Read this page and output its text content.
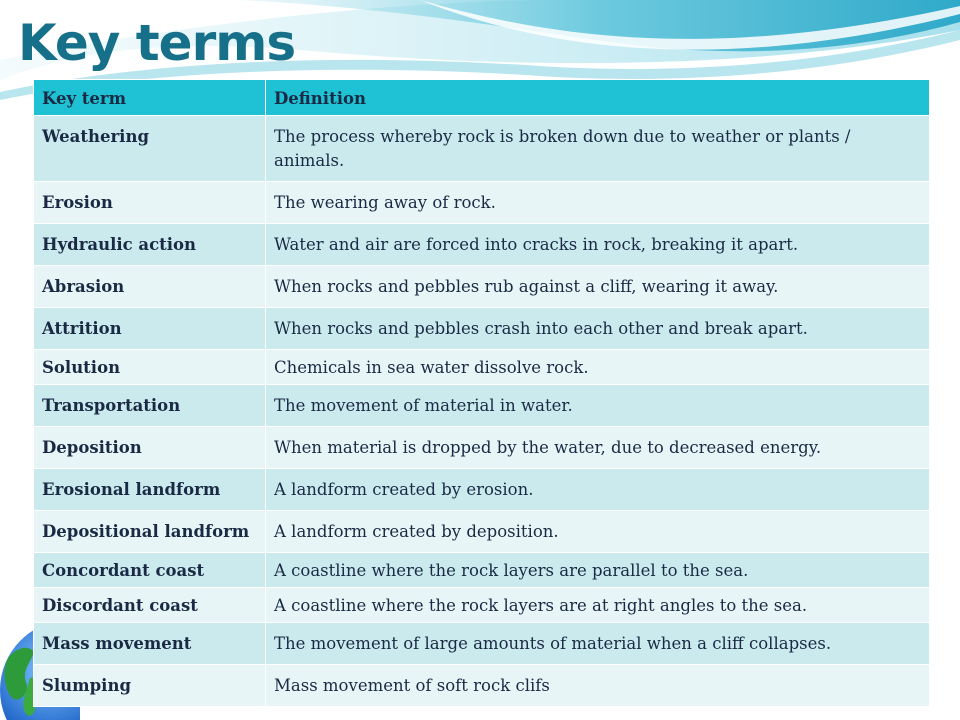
Key terms
Key term	Definition
Weathering	The process whereby rock is broken down due to weather or plants / animals.
Erosion	The wearing away of rock.
Hydraulic action	Water and air are forced into cracks in rock, breaking it apart.
Abrasion	When rocks and pebbles rub against a cliff, wearing it away.
Attrition	When rocks and pebbles crash into each other and break apart.
Solution	Chemicals in sea water dissolve rock.
Transportation	The movement of material in water.
Deposition	When material is dropped by the water, due to decreased energy.
Erosional landform	A landform created by erosion.
Depositional landform	A landform created by deposition.
Concordant coast	A coastline where the rock layers are parallel to the sea.
Discordant coast	A coastline where the rock layers are at right angles to the sea.
Mass movement	The movement of large amounts of material when a cliff collapses.
Slumping	Mass movement of soft rock clifs
